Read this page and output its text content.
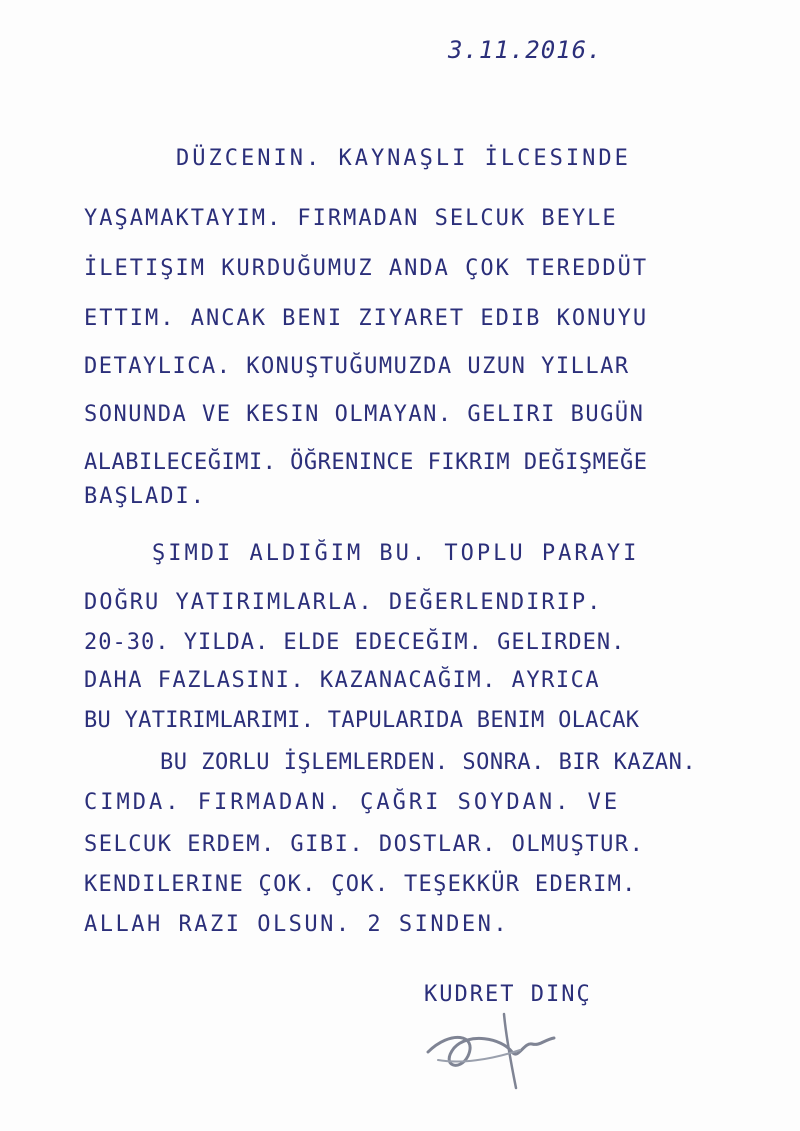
3.11.2016.
DÜZCENIN. KAYNAŞLI İLCESINDE
YAŞAMAKTAYIM. FIRMADAN SELCUK BEYLE
İLETIŞIM KURDUĞUMUZ ANDA ÇOK TEREDDÜT
ETTIM. ANCAK BENI ZIYARET EDIB KONUYU
DETAYLICA. KONUŞTUĞUMUZDA UZUN YILLAR
SONUNDA VE KESIN OLMAYAN. GELIRI BUGÜN
ALABILECEĞIMI. ÖĞRENINCE FIKRIM DEĞIŞMEĞE
BAŞLADI.
ŞIMDI ALDIĞIM BU. TOPLU PARAYI
DOĞRU YATIRIMLARLA. DEĞERLENDIRIP.
20-30. YILDA. ELDE EDECEĞIM. GELIRDEN.
DAHA FAZLASINI. KAZANACAĞIM. AYRICA
BU YATIRIMLARIMI. TAPULARIDA BENIM OLACAK
BU ZORLU İŞLEMLERDEN. SONRA. BIR KAZAN.
CIMDA. FIRMADAN. ÇAĞRI SOYDAN. VE
SELCUK ERDEM. GIBI. DOSTLAR. OLMUŞTUR.
KENDILERINE ÇOK. ÇOK. TEŞEKKÜR EDERIM.
ALLAH RAZI OLSUN. 2 SINDEN.
KUDRET DINÇ
